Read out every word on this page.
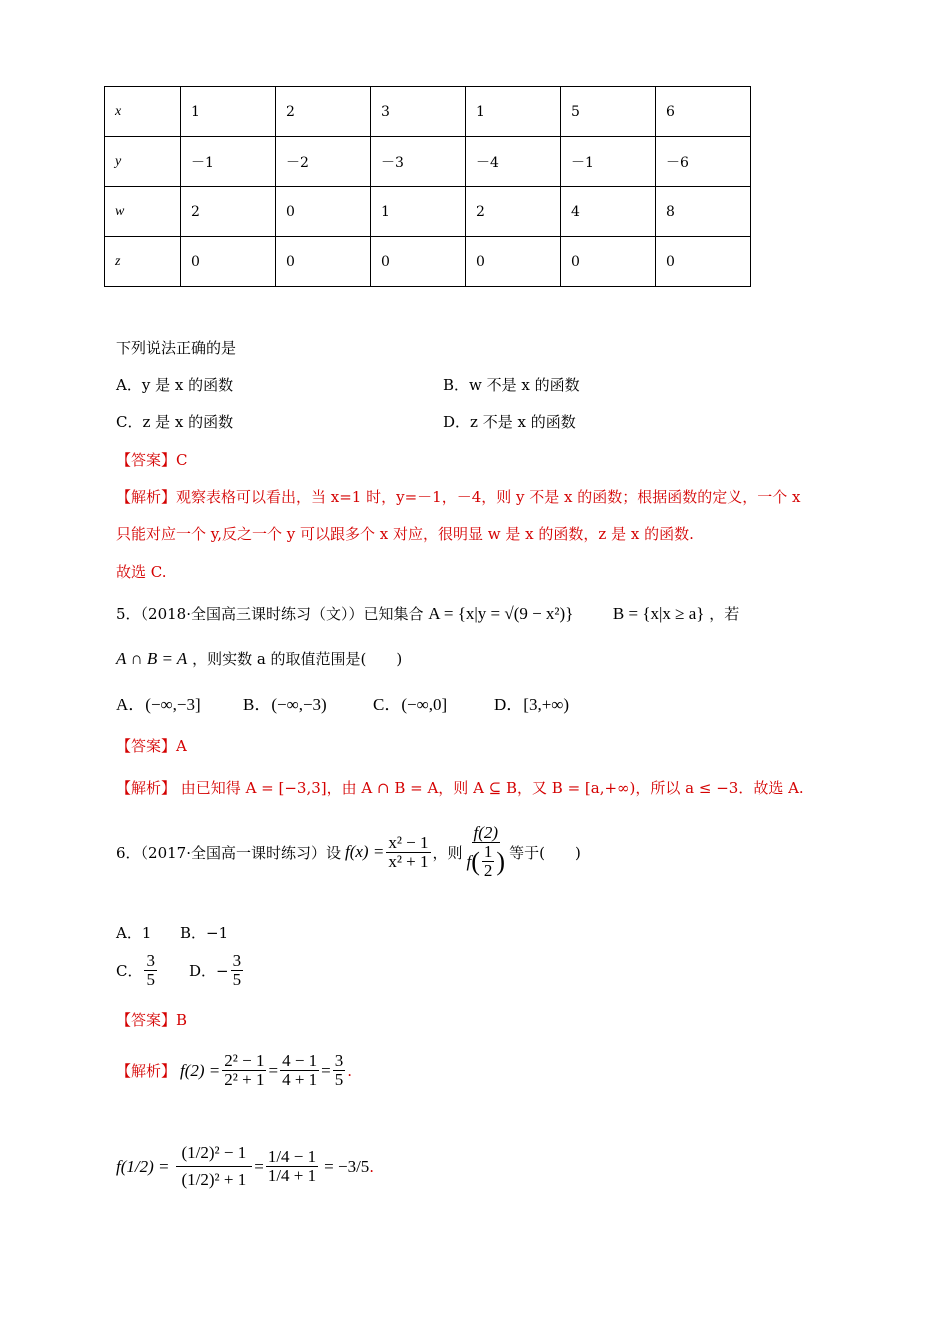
x	1	2	3	1	5	6
y	－1	－2	－3	－4	－1	－6
w	2	0	1	2	4	8
z	0	0	0	0	0	0
下列说法正确的是
A．y 是 x 的函数	B．w 不是 x 的函数
C．z 是 x 的函数	D．z 不是 x 的函数
【答案】C
【解析】观察表格可以看出，当 x=1 时，y=－1，－4，则 y 不是 x 的函数；根据函数的定义，一个 x
只能对应一个 y,反之一个 y 可以跟多个 x 对应，很明显 w 是 x 的函数，z 是 x 的函数.
故选 C.
5．（2018·全国高三课时练习（文））已知集合 A = {x|y = √(9 − x²)} B = {x|x ≥ a} ，若
A ∩ B = A ，则实数 a 的取值范围是(　　)
A．(−∞,−3] B．(−∞,−3)	C．(−∞,0]	D．[3,+∞)
【答案】A
【解析】 由已知得 A = [−3,3]，由 A ∩ B = A，则 A ⊆ B，又 B = [a,+∞)，所以 a ≤ −3．故选 A.
6．（2017·全国高一课时练习）设 $f(x) = \frac{\text{x² − 1}}{\text{x² + 1}}$ ，则 $\frac{f(2)}{f ( \frac{1}{2} )}$ 等于(　　)
A．1 B．−1
C． $\frac{3}{5}$ D．− $\frac{3}{5}$
【答案】B
【解析】 $f(2) = \frac{\text{2² − 1}}{\text{2² + 1}} = \frac{4 - 1}{4 + 1} = \frac{3}{5}$ .
$f(1/2) = \frac{\text{(1/2)² − 1}}{\text{(1/2)² + 1}} = \frac{1/4 - 1}{1/4 + 1} = -3/5$ .
